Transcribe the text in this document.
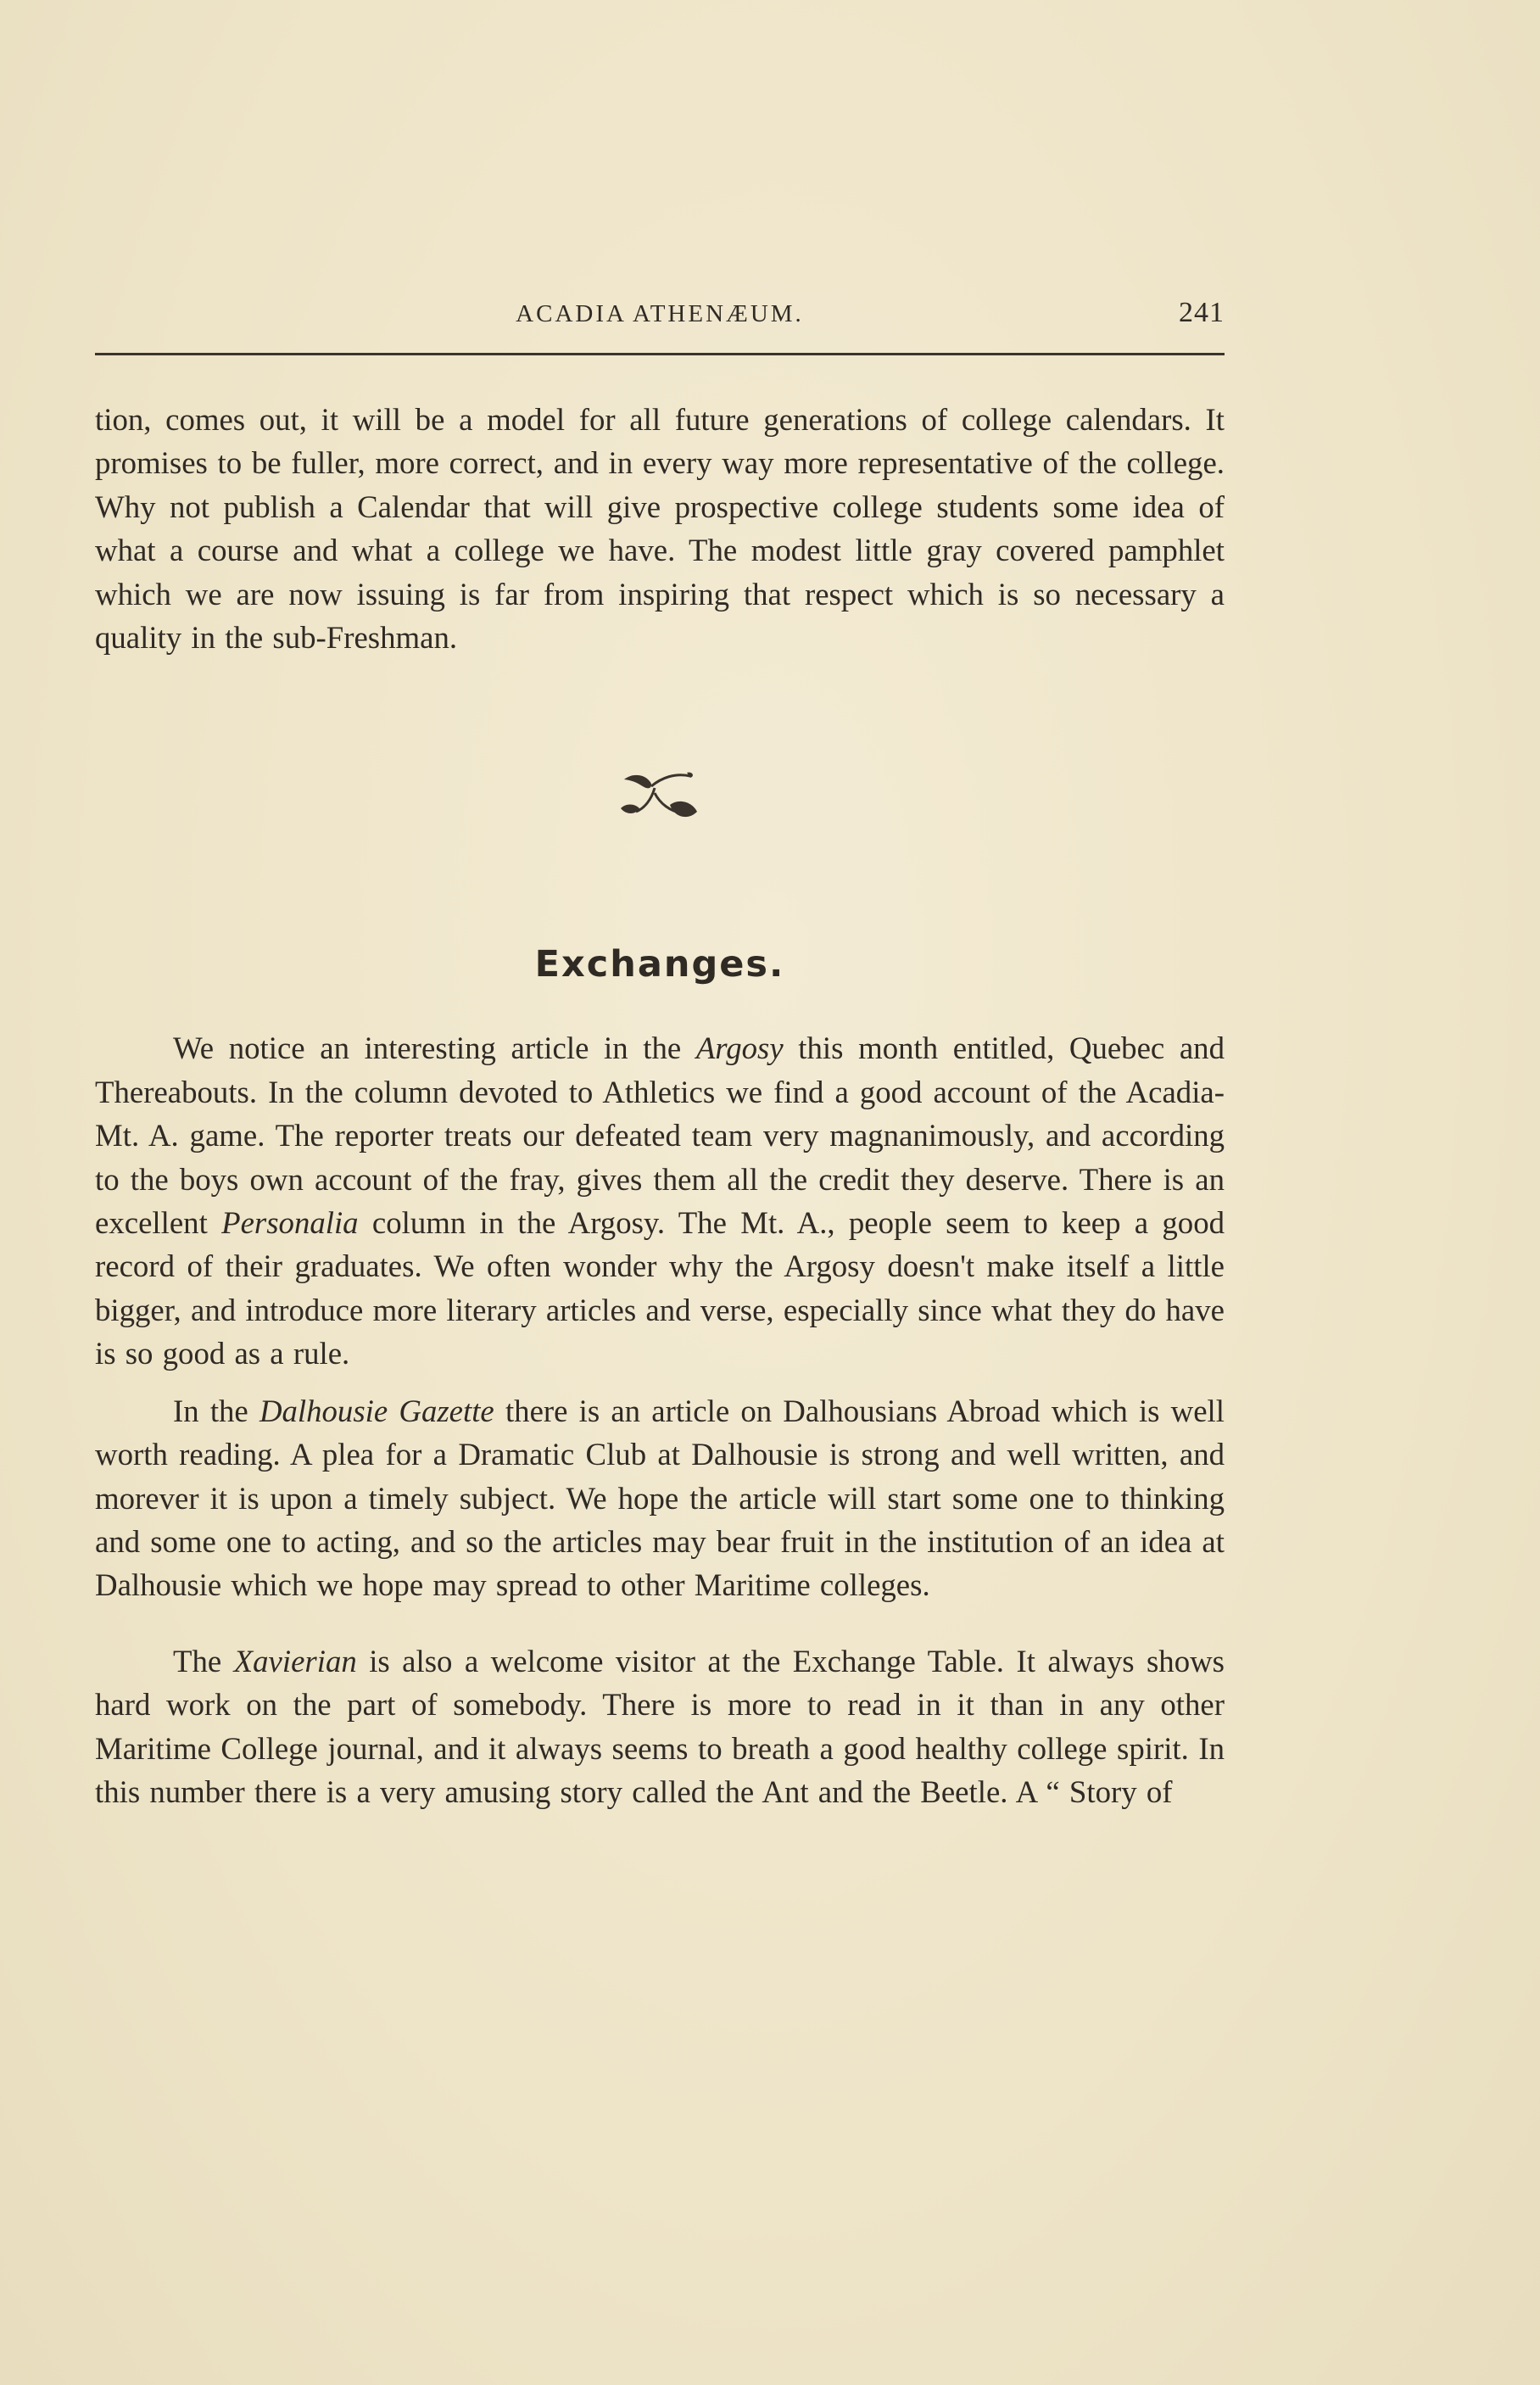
ACADIA ATHENÆUM.	241

tion, comes out, it will be a model for all future generations of college calendars. It promises to be fuller, more correct, and in every way more representative of the college. Why not publish a Calendar that will give prospective college students some idea of what a course and what a college we have. The modest little gray covered pamphlet which we are now issuing is far from inspiring that respect which is so necessary a quality in the sub-Freshman.

Exchanges.

We notice an interesting article in the Argosy this month entitled, Quebec and Thereabouts. In the column devoted to Athletics we find a good account of the Acadia-Mt. A. game. The reporter treats our defeated team very magnanimously, and according to the boys own account of the fray, gives them all the credit they deserve. There is an excellent Personalia column in the Argosy. The Mt. A., people seem to keep a good record of their graduates. We often wonder why the Argosy doesn't make itself a little bigger, and introduce more literary articles and verse, especially since what they do have is so good as a rule.

In the Dalhousie Gazette there is an article on Dalhousians Abroad which is well worth reading. A plea for a Dramatic Club at Dalhousie is strong and well written, and morever it is upon a timely subject. We hope the article will start some one to thinking and some one to acting, and so the articles may bear fruit in the institution of an idea at Dalhousie which we hope may spread to other Maritime colleges.

The Xavierian is also a welcome visitor at the Exchange Table. It always shows hard work on the part of somebody. There is more to read in it than in any other Maritime College journal, and it always seems to breath a good healthy college spirit. In this number there is a very amusing story called the Ant and the Beetle. A “ Story of
